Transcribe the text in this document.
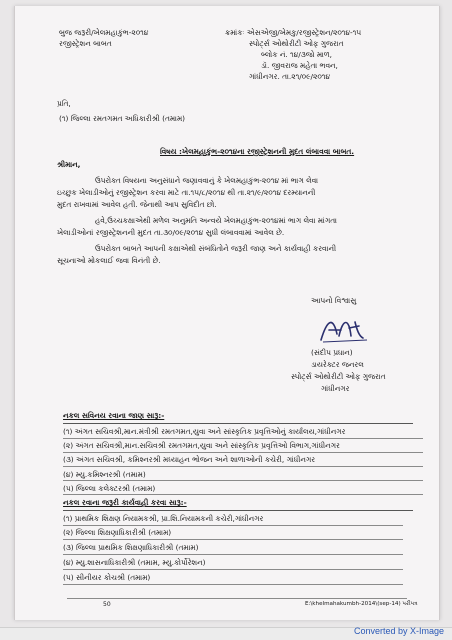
બુજ જરૂરી/ખેલમહાકુંભ-૨૦૧૪
રજીસ્ટ્રેશન બાબત
ક્રમાંકઃ એસએજી/ખેમકુ/રજીસ્ટ્રેશન/૨૦૧૪-૧૫
સ્પોર્ટ્સ ઓથોરીટી ઓફ ગુજરાત
બ્લોક નં. ૧૪/૩જો માળ,
ડૉ. જીવરાજ મહેતા ભવન,
ગાંધીનગર. તા.૨૧/૦૯/૨૦૧૪
પ્રતિ,
(૧) જિલ્લા રમતગમત અધિકારીશ્રી (તમામ)
વિષય :ખેલમહાકુંભ-૨૦૧૪ના રજીસ્ટ્રેશનની મુદત લંબાવવા બાબત.
શ્રીમાન,
ઉપરોક્ત વિષયના અનુસંધાને જણાવવાનું કે ખેલમહાકુંભ-૨૦૧૪ માં ભાગ લેવા
ઇચ્છુક ખેલાડીઓનું રજીસ્ટ્રેશન કરવા માટે તા.૧૫/૮/૨૦૧૪ થી તા.૨૧/૯/૨૦૧૪ દરમ્યાનની
મુદત રાખવામાં આવેલ હતી. જેનાથી આપ સુવિદીત છો.
હવે,ઉચ્ચકક્ષાએથી મળેલ અનુમતિ અન્વયે ખેલમહાકુંભ-૨૦૧૪માં ભાગ લેવા માંગતા
ખેલાડીઓનાં રજીસ્ટ્રેશનની મુદત તા.૩૦/૦૯/૨૦૧૪ સુધી લંબાવવામાં આવેલ છે.
ઉપરોક્ત બાબતે આપની કક્ષાએથી સંબંધિતોને જરૂરી જાણ અને કાર્યવાહી કરવાની
સૂચનાઓ મોકલાઈ જવા વિનંતી છે.
આપનો વિશ્વાસુ
(સંદીપ પ્રધાન)
ડાયરેક્ટર જનરલ
સ્પોર્ટ્સ ઓથોરીટી ઓફ ગુજરાત
ગાંધીનગર
નકલ સવિનય રવાના જાણ સારૂ:-
(૧) અંગત સચિવશ્રી,માન.મંત્રીશ્રી રમતગમત,યુવા અને સાંસ્કૃતિક પ્રવૃત્તિઓનું કાર્યાલય,ગાંધીનગર
(૨) અંગત સચિવશ્રી,માન.સચિવશ્રી રમતગમત,યુવા અને સાંસ્કૃતિક પ્રવૃત્તિઓ વિભાગ,ગાંધીનગર
(૩) અંગત સચિવશ્રી, કમિશ્નરશ્રી મધ્યાહન ભોજન અને શાળાઓની કચેરી, ગાંધીનગર
(૪) મ્યુ.કમિશ્નરશ્રી (તમામ)
(૫) જિલ્લા કલેક્ટરશ્રી (તમામ)
નકલ રવાના જરૂરી કાર્યવાહી કરવા સારૂ:-
(૧) પ્રાથમિક શિક્ષણ નિયામકશ્રી, પ્રા.શિ.નિયામકની કચેરી,ગાંધીનગર
(૨) જિલ્લા શિક્ષણાધિકારીશ્રી (તમામ)
(૩) જિલ્લા પ્રાથમિક શિક્ષણાધિકારીશ્રી (તમામ)
(૪) મ્યુ.શાસનાધિકારીશ્રી (તમામ, મ્યુ.કોર્પોરેશન)
(૫) સીનીયર કોચશ્રી (તમામ)
50	E:\khelmahakumbh-2014\(sep-14) પરીપત્ર
Converted by X-Image
